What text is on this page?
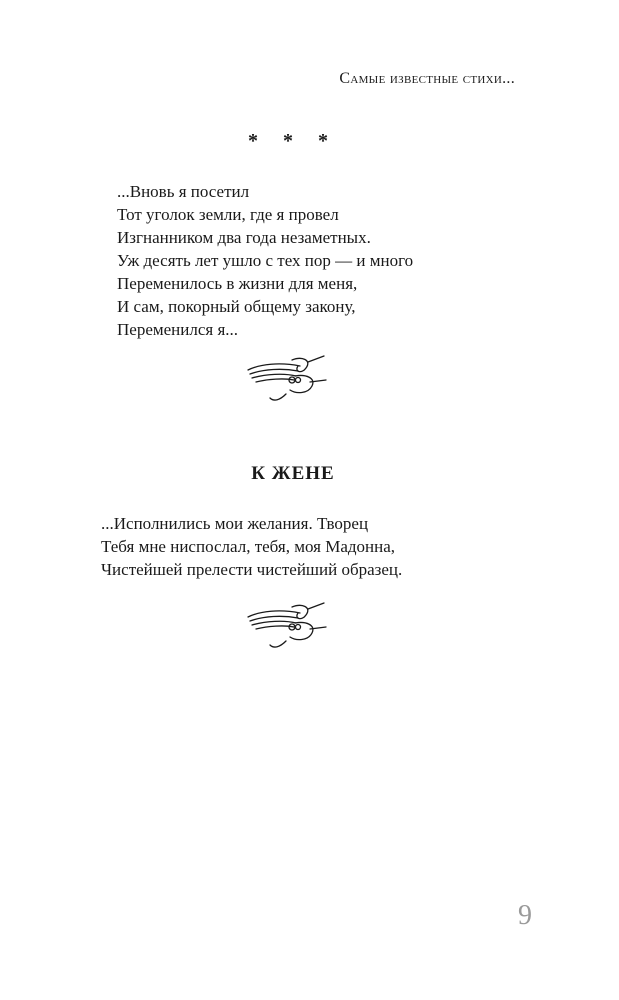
Самые известные стихи...
* * *
...Вновь я посетил
Тот уголок земли, где я провел
Изгнанником два года незаметных.
Уж десять лет ушло с тех пор — и много
Переменилось в жизни для меня,
И сам, покорный общему закону,
Переменился я...
К ЖЕНЕ
...Исполнились мои желания. Творец
Тебя мне ниспослал, тебя, моя Мадонна,
Чистейшей прелести чистейший образец.
9
